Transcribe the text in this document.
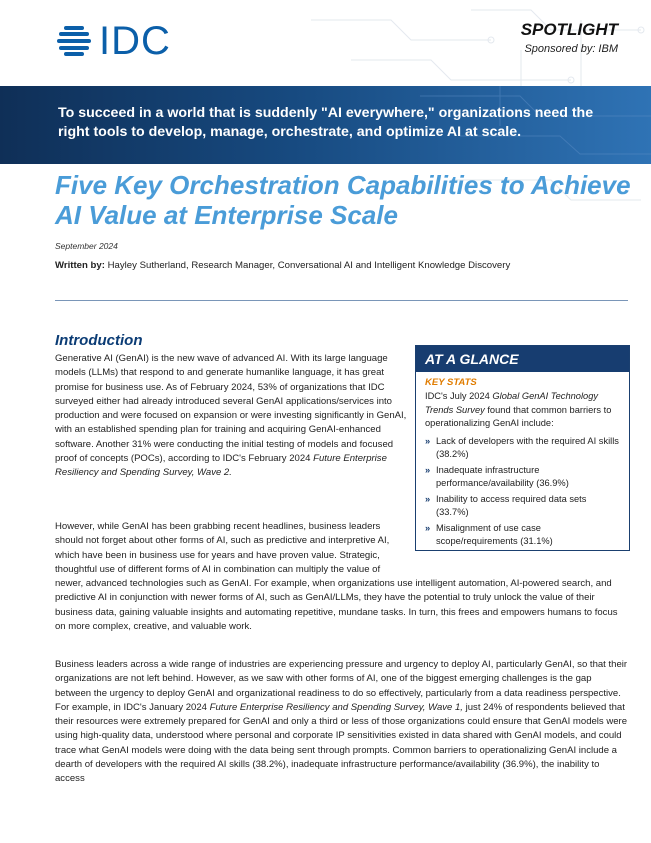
IDC	SPOTLIGHT
Sponsored by: IBM
To succeed in a world that is suddenly "AI everywhere," organizations need the right tools to develop, manage, orchestrate, and optimize AI at scale.
Five Key Orchestration Capabilities to Achieve AI Value at Enterprise Scale
September 2024
Written by: Hayley Sutherland, Research Manager, Conversational AI and Intelligent Knowledge Discovery
Introduction

Generative AI (GenAI) is the new wave of advanced AI. With its large language models (LLMs) that respond to and generate humanlike language, it has great promise for business use. As of February 2024, 53% of organizations that IDC surveyed either had already introduced several GenAI applications/services into production and were focused on expansion or were investing significantly in GenAI, with an established spending plan for training and acquiring GenAI-enhanced software. Another 31% were conducting the initial testing of models and focused proof of concepts (POCs), according to IDC's February 2024 Future Enterprise Resiliency and Spending Survey, Wave 2.

However, while GenAI has been grabbing recent headlines, business leaders should not forget about other forms of AI, such as predictive and interpretive AI, which have been in business use for years and have proven value. Strategic, thoughtful use of different forms of AI in combination can multiply the value of newer, advanced technologies such as GenAI. For example, when organizations use intelligent automation, AI-powered search, and predictive AI in conjunction with newer forms of AI, such as GenAI/LLMs, they have the potential to truly unlock the value of their business data, gaining valuable insights and automating repetitive, mundane tasks. In turn, this frees and empowers humans to focus on more complex, creative, and valuable work.

Business leaders across a wide range of industries are experiencing pressure and urgency to deploy AI, particularly GenAI, so that their organizations are not left behind. However, as we saw with other forms of AI, one of the biggest emerging challenges is the gap between the urgency to deploy GenAI and organizational readiness to do so effectively, particularly from a data readiness perspective. For example, in IDC's January 2024 Future Enterprise Resiliency and Spending Survey, Wave 1, just 24% of respondents believed that their resources were extremely prepared for GenAI and only a third or less of those organizations could ensure that GenAI models were using high-quality data, understood where personal and corporate IP sensitivities existed in data shared with GenAI models, and could trace what GenAI models were doing with the data being sent through prompts. Common barriers to operationalizing GenAI include a dearth of developers with the required AI skills (38.2%), inadequate infrastructure performance/availability (36.9%), the inability to access

AT A GLANCE
KEY STATS
IDC's July 2024 Global GenAI Technology Trends Survey found that common barriers to operationalizing GenAI include:
» Lack of developers with the required AI skills (38.2%)
» Inadequate infrastructure performance/availability (36.9%)
» Inability to access required data sets (33.7%)
» Misalignment of use case scope/requirements (31.1%)
